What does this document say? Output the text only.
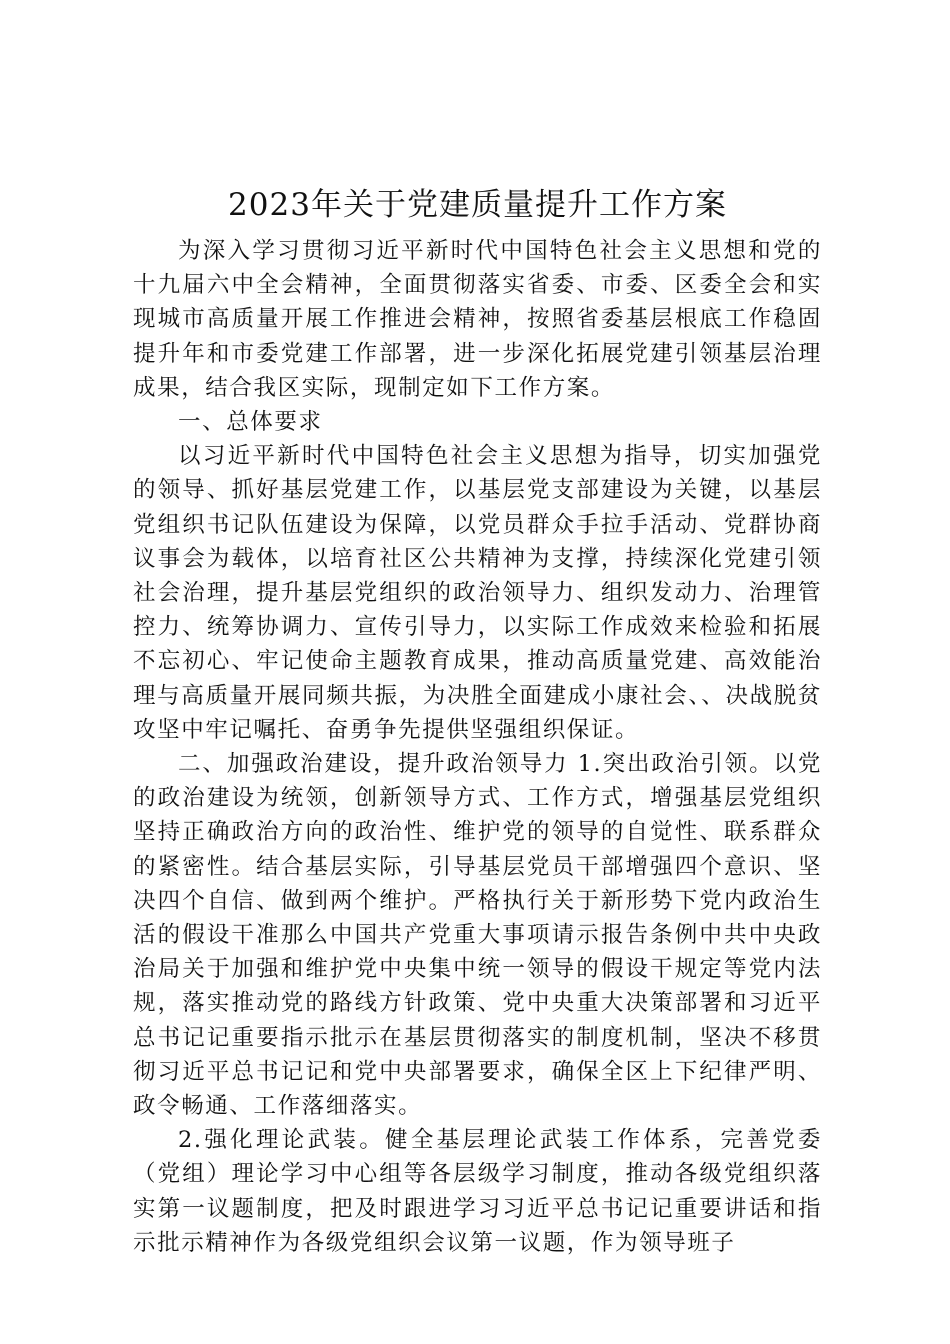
2023年关于党建质量提升工作方案

为深入学习贯彻习近平新时代中国特色社会主义思想和党的十九届六中全会精神，全面贯彻落实省委、市委、区委全会和实现城市高质量开展工作推进会精神，按照省委基层根底工作稳固提升年和市委党建工作部署，进一步深化拓展党建引领基层治理成果，结合我区实际，现制定如下工作方案。

一、总体要求

以习近平新时代中国特色社会主义思想为指导，切实加强党的领导、抓好基层党建工作，以基层党支部建设为关键，以基层党组织书记队伍建设为保障，以党员群众手拉手活动、党群协商议事会为载体，以培育社区公共精神为支撑，持续深化党建引领社会治理，提升基层党组织的政治领导力、组织发动力、治理管控力、统筹协调力、宣传引导力，以实际工作成效来检验和拓展不忘初心、牢记使命主题教育成果，推动高质量党建、高效能治理与高质量开展同频共振，为决胜全面建成小康社会、、决战脱贫攻坚中牢记嘱托、奋勇争先提供坚强组织保证。

二、加强政治建设，提升政治领导力 1.突出政治引领。以党的政治建设为统领，创新领导方式、工作方式，增强基层党组织坚持正确政治方向的政治性、维护党的领导的自觉性、联系群众的紧密性。结合基层实际，引导基层党员干部增强四个意识、坚决四个自信、做到两个维护。严格执行关于新形势下党内政治生活的假设干准那么中国共产党重大事项请示报告条例中共中央政治局关于加强和维护党中央集中统一领导的假设干规定等党内法规，落实推动党的路线方针政策、党中央重大决策部署和习近平总书记记重要指示批示在基层贯彻落实的制度机制，坚决不移贯彻习近平总书记记和党中央部署要求，确保全区上下纪律严明、政令畅通、工作落细落实。

2.强化理论武装。健全基层理论武装工作体系，完善党委（党组）理论学习中心组等各层级学习制度，推动各级党组织落实第一议题制度，把及时跟进学习习近平总书记记重要讲话和指示批示精神作为各级党组织会议第一议题，作为领导班子
